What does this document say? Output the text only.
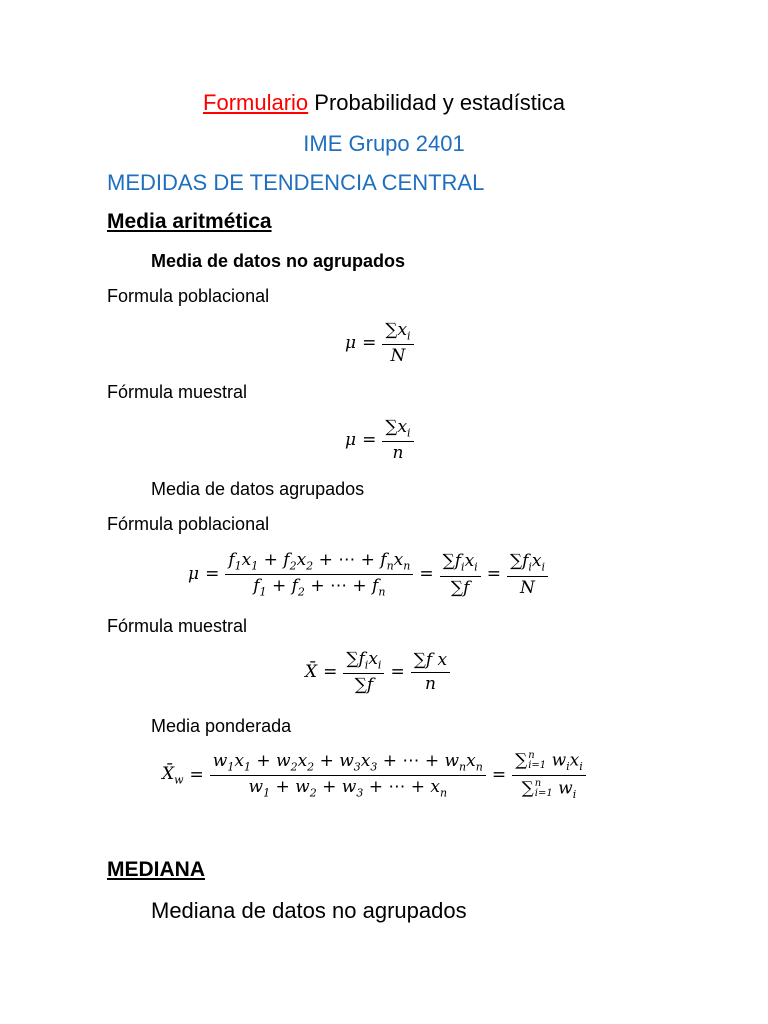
Formulario Probabilidad y estadística
IME Grupo 2401
MEDIDAS DE TENDENCIA CENTRAL
Media aritmética
Media de datos no agrupados
Formula poblacional
$\mu = \frac{\sum x_i}{N}$
Fórmula muestral
$\mu = \frac{\sum x_i}{n}$
Media de datos agrupados
Fórmula poblacional
$\mu = \frac{f_1x_1 + f_2x_2 + \cdots + f_nx_n}{f_1 + f_2 + \cdots + f_n} = \frac{\sum f_ix_i}{\sum f} = \frac{\sum f_ix_i}{N}$
Fórmula muestral
X̄ = $\frac{\sum f_ix_i}{\sum f} = \frac{\text{∑f x}}{n}$
Media ponderada
$X̄_w = \frac{w_1x_1 + w_2x_2 + w_3x_3 + \cdots + w_nx_n}{w_1 + w_2 + w_3 + \cdots + x_n}$ = ∑ n
i=1 $w_ix_i$
∑ n
i=1 $w_i$
MEDIANA
Mediana de datos no agrupados
